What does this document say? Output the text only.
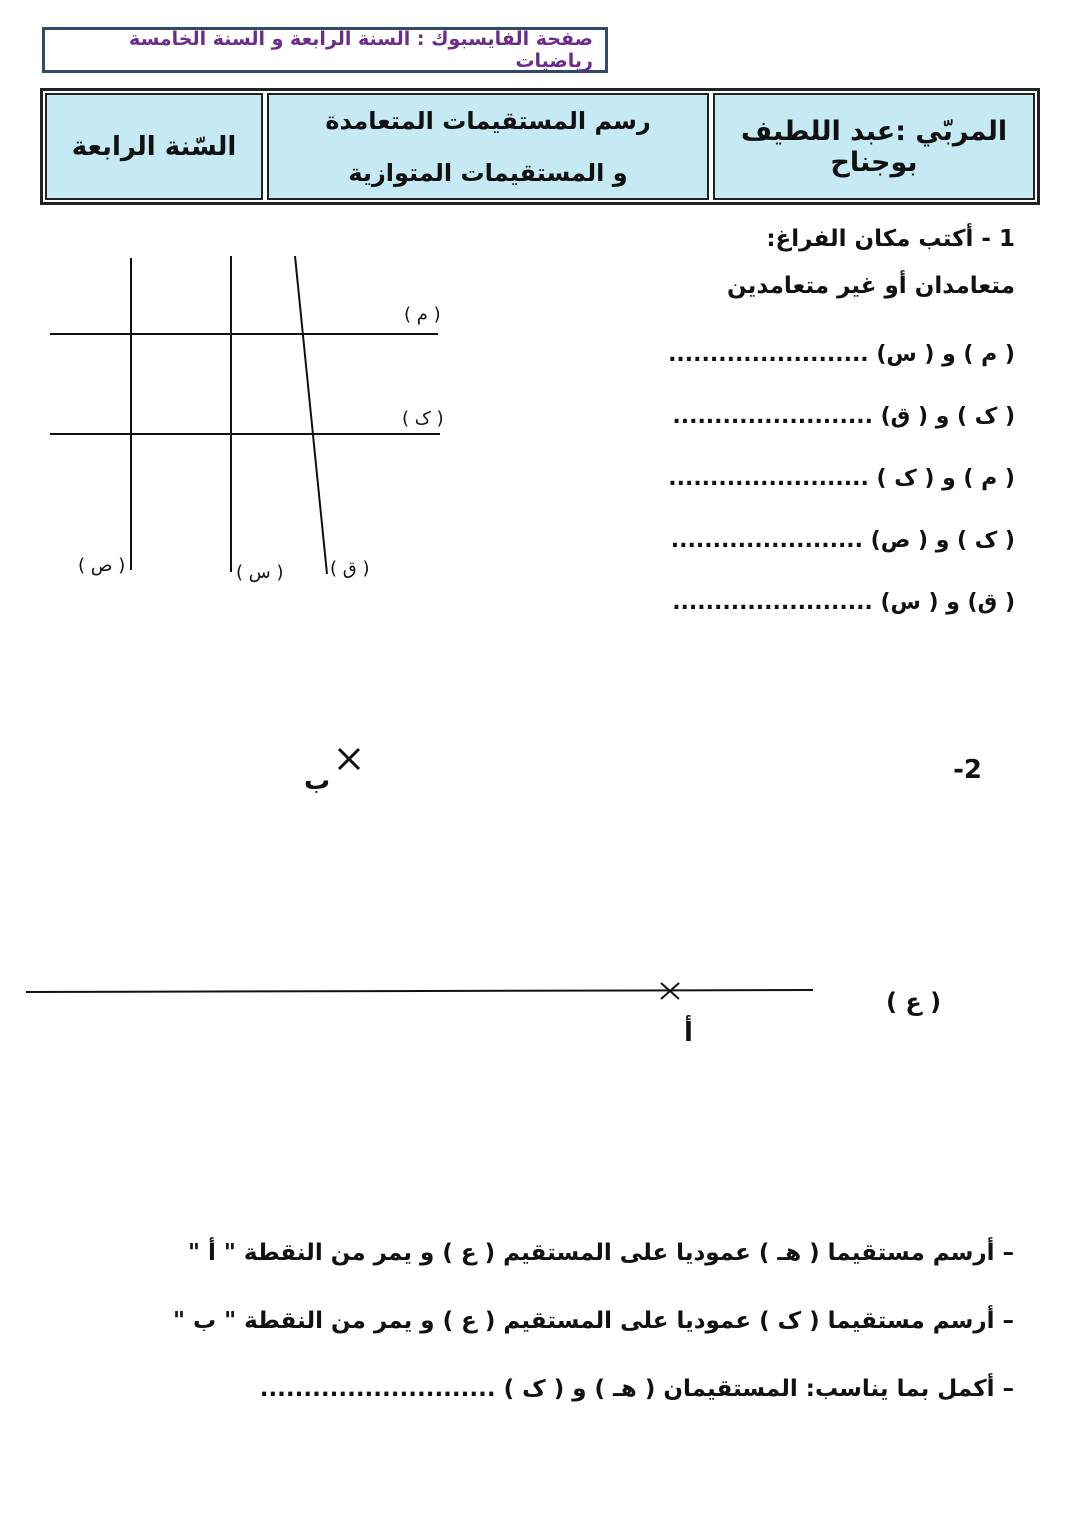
صفحة الفايسبوك : السنة الرابعة و السنة الخامسة رياضيات
المربّي :عبد اللطيف بوجناح
رسم المستقيمات المتعامدة
و المستقيمات المتوازية
السّنة الرابعة
1 - أكتب مكان الفراغ:
متعامدان أو غير متعامدين
( م ) و ( س) ........................
( ک ) و ( ق) ........................
( م ) و ( ک ) ........................
( ک ) و ( ص) .......................
( ق) و ( س) ........................
( م )
( ک )
( ص )	( س )	( ق )
-2
ب
أ
( ع )
– أرسم مستقيما ( هـ ) عموديا على المستقيم ( ع ) و يمر من النقطة " أ "
– أرسم مستقيما ( ک ) عموديا على المستقيم ( ع ) و يمر من النقطة " ب "
– أكمل بما يناسب: المستقيمان ( هـ ) و ( ک ) ...........................
